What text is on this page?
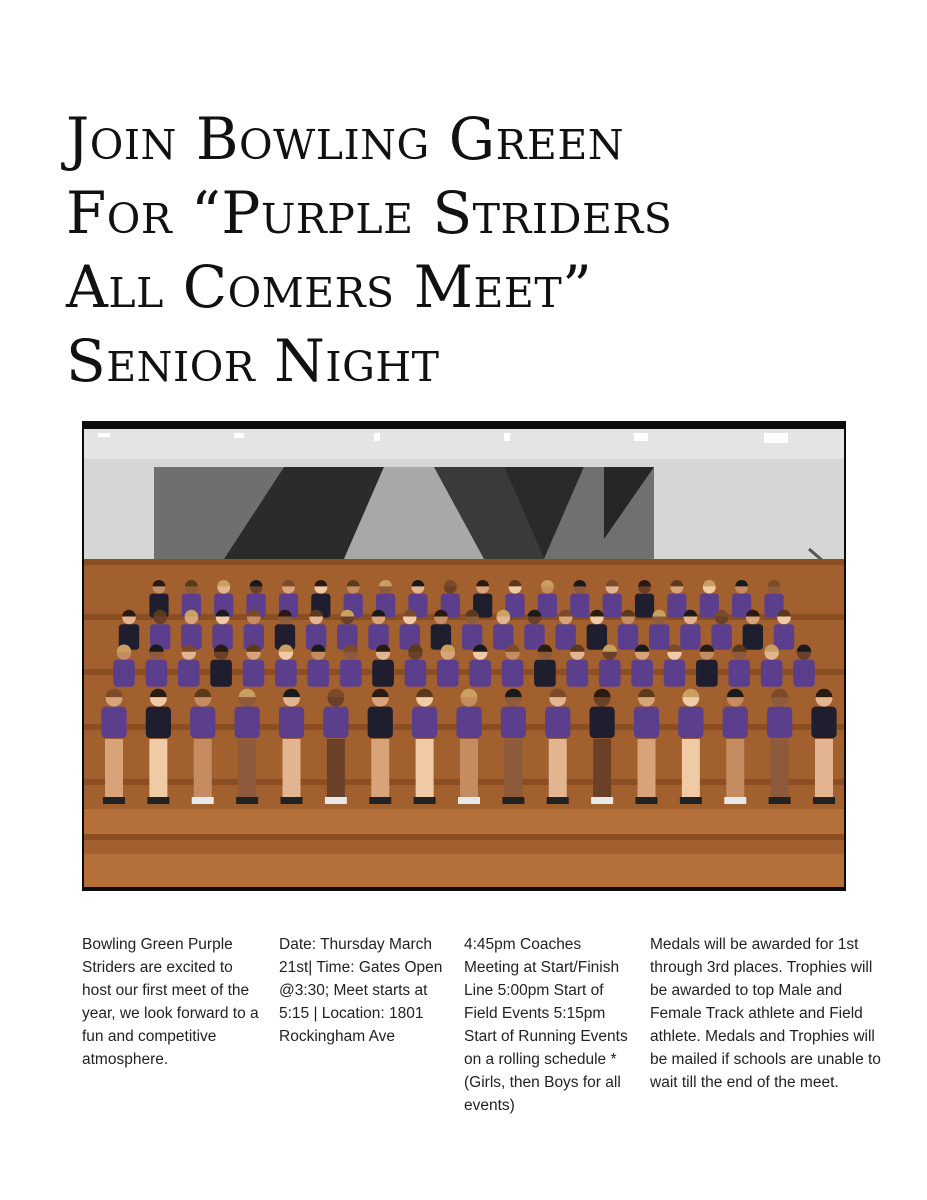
Join Bowling Green
For “Purple Striders
All Comers Meet”
Senior Night
Bowling Green Purple Striders are excited to host our first meet of the year, we look forward to a fun and competitive atmosphere.
Date: Thursday March 21st| Time: Gates Open @3:30; Meet starts at 5:15 | Location: 1801 Rockingham Ave
4:45pm Coaches Meeting at Start/Finish Line 5:00pm Start of Field Events 5:15pm Start of Running Events on a rolling schedule *(Girls, then Boys for all events)
Medals will be awarded for 1st through 3rd places. Trophies will be awarded to top Male and Female Track athlete and Field athlete. Medals and Trophies will be mailed if schools are unable to wait till the end of the meet.
